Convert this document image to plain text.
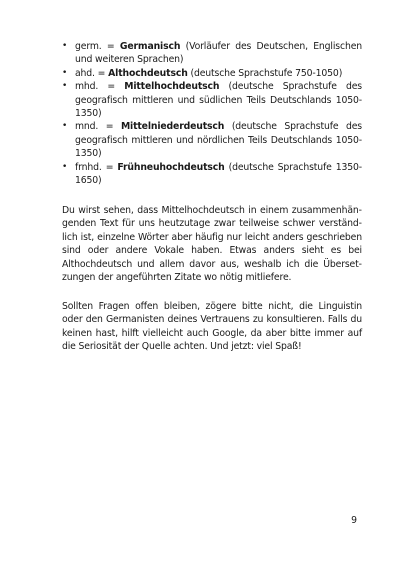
• germ. = Germanisch (Vorläufer des Deutschen, Englischen und weiteren Sprachen)
• ahd. = Althochdeutsch (deutsche Sprachstufe 750-1050)
• mhd. = Mittelhochdeutsch (deutsche Sprachstufe des geografisch mittleren und südlichen Teils Deutschlands 1050-1350)
• mnd. = Mittelniederdeutsch (deutsche Sprachstufe des geografisch mittleren und nördlichen Teils Deutschlands 1050-1350)
• frnhd. = Frühneuhochdeutsch (deutsche Sprachstufe 1350-1650)

Du wirst sehen, dass Mittelhochdeutsch in einem zusammenhängenden Text für uns heutzutage zwar teilweise schwer verständlich ist, einzelne Wörter aber häufig nur leicht anders geschrieben sind oder andere Vokale haben. Etwas anders sieht es bei Althochdeutsch und allem davor aus, weshalb ich die Übersetzungen der angeführten Zitate wo nötig mitliefere.

Sollten Fragen offen bleiben, zögere bitte nicht, die Linguistin oder den Germanisten deines Vertrauens zu konsultieren. Falls du keinen hast, hilft vielleicht auch Google, da aber bitte immer auf die Seriosität der Quelle achten. Und jetzt: viel Spaß!

9
